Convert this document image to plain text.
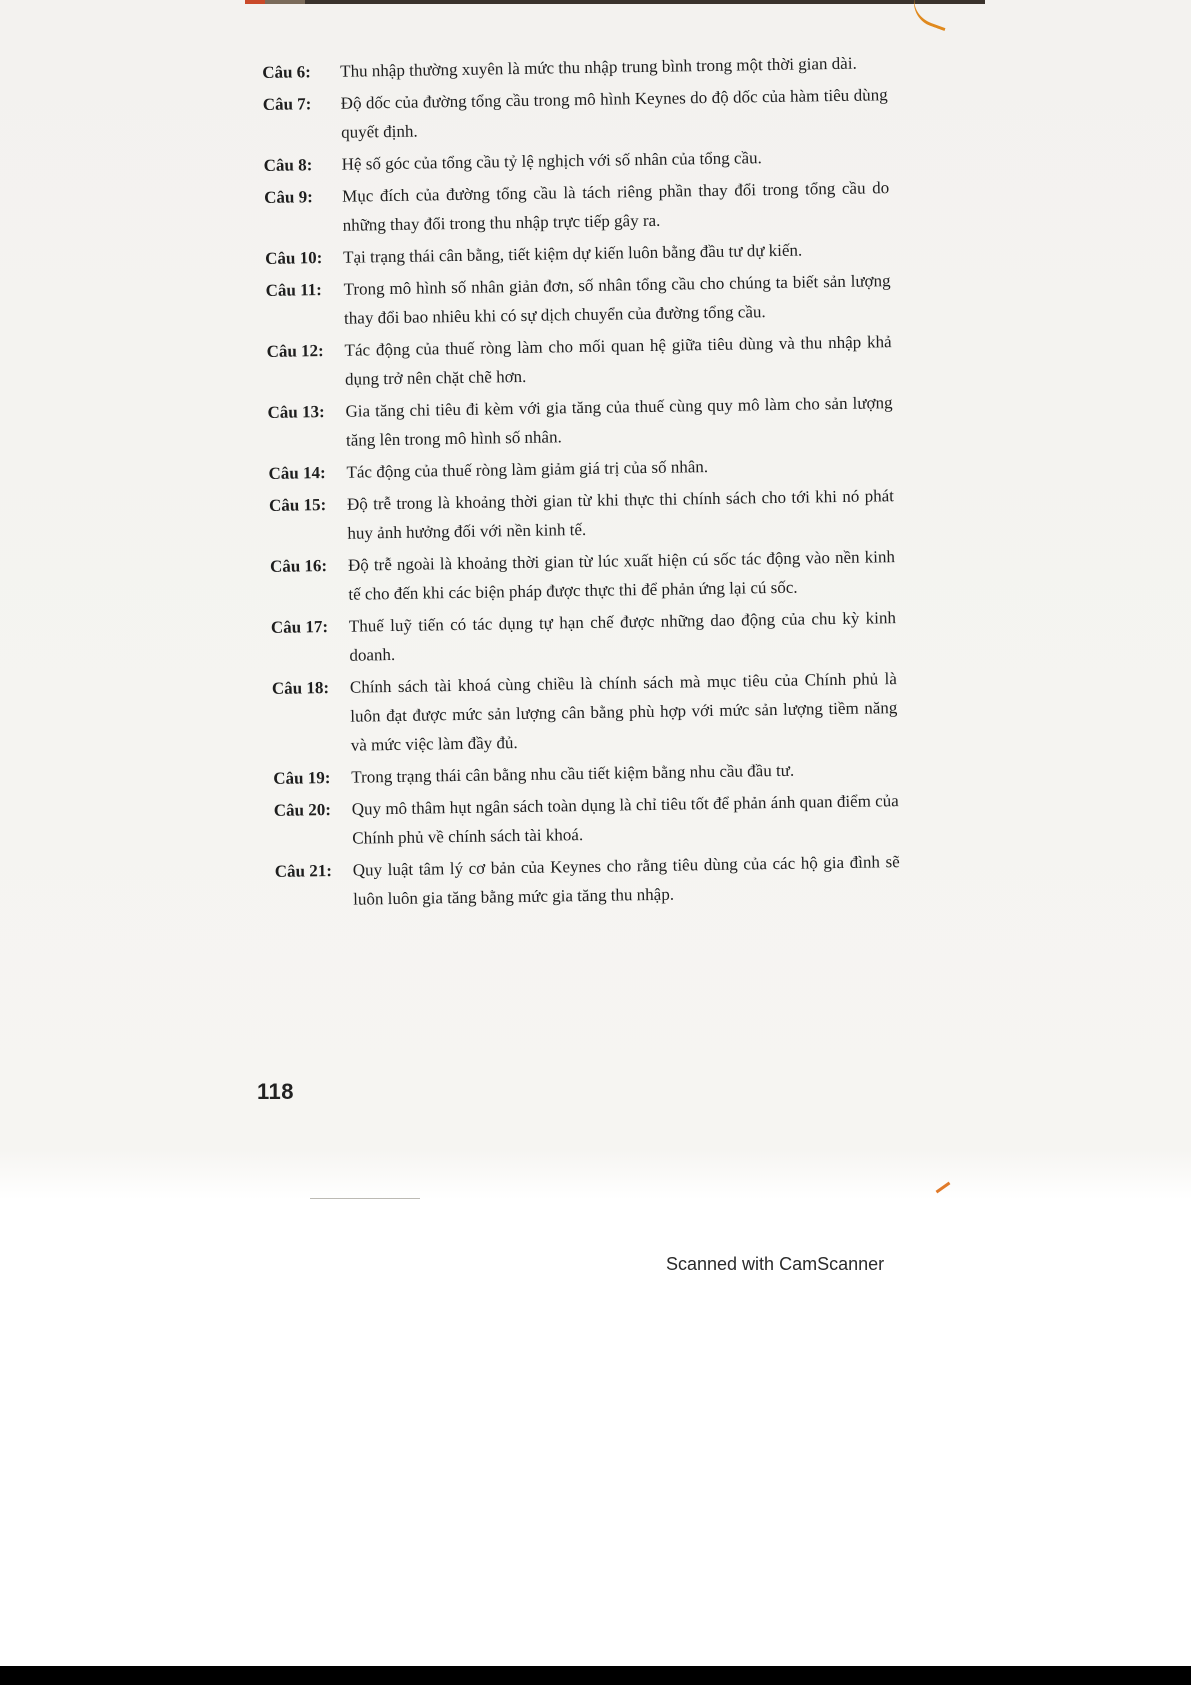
Câu 6:	Thu nhập thường xuyên là mức thu nhập trung bình trong một thời gian dài.
Câu 7:	Độ dốc của đường tổng cầu trong mô hình Keynes do độ dốc của hàm tiêu dùng quyết định.
Câu 8:	Hệ số góc của tổng cầu tỷ lệ nghịch với số nhân của tổng cầu.
Câu 9:	Mục đích của đường tổng cầu là tách riêng phần thay đổi trong tổng cầu do những thay đổi trong thu nhập trực tiếp gây ra.
Câu 10:	Tại trạng thái cân bằng, tiết kiệm dự kiến luôn bằng đầu tư dự kiến.
Câu 11:	Trong mô hình số nhân giản đơn, số nhân tổng cầu cho chúng ta biết sản lượng thay đổi bao nhiêu khi có sự dịch chuyển của đường tổng cầu.
Câu 12:	Tác động của thuế ròng làm cho mối quan hệ giữa tiêu dùng và thu nhập khả dụng trở nên chặt chẽ hơn.
Câu 13:	Gia tăng chi tiêu đi kèm với gia tăng của thuế cùng quy mô làm cho sản lượng tăng lên trong mô hình số nhân.
Câu 14:	Tác động của thuế ròng làm giảm giá trị của số nhân.
Câu 15:	Độ trễ trong là khoảng thời gian từ khi thực thi chính sách cho tới khi nó phát huy ảnh hưởng đối với nền kinh tế.
Câu 16:	Độ trễ ngoài là khoảng thời gian từ lúc xuất hiện cú sốc tác động vào nền kinh tế cho đến khi các biện pháp được thực thi để phản ứng lại cú sốc.
Câu 17:	Thuế luỹ tiến có tác dụng tự hạn chế được những dao động của chu kỳ kinh doanh.
Câu 18:	Chính sách tài khoá cùng chiều là chính sách mà mục tiêu của Chính phủ là luôn đạt được mức sản lượng cân bằng phù hợp với mức sản lượng tiềm năng và mức việc làm đầy đủ.
Câu 19:	Trong trạng thái cân bằng nhu cầu tiết kiệm bằng nhu cầu đầu tư.
Câu 20:	Quy mô thâm hụt ngân sách toàn dụng là chỉ tiêu tốt để phản ánh quan điểm của Chính phủ về chính sách tài khoá.
Câu 21:	Quy luật tâm lý cơ bản của Keynes cho rằng tiêu dùng của các hộ gia đình sẽ luôn luôn gia tăng bằng mức gia tăng thu nhập.
118
Scanned with CamScanner
